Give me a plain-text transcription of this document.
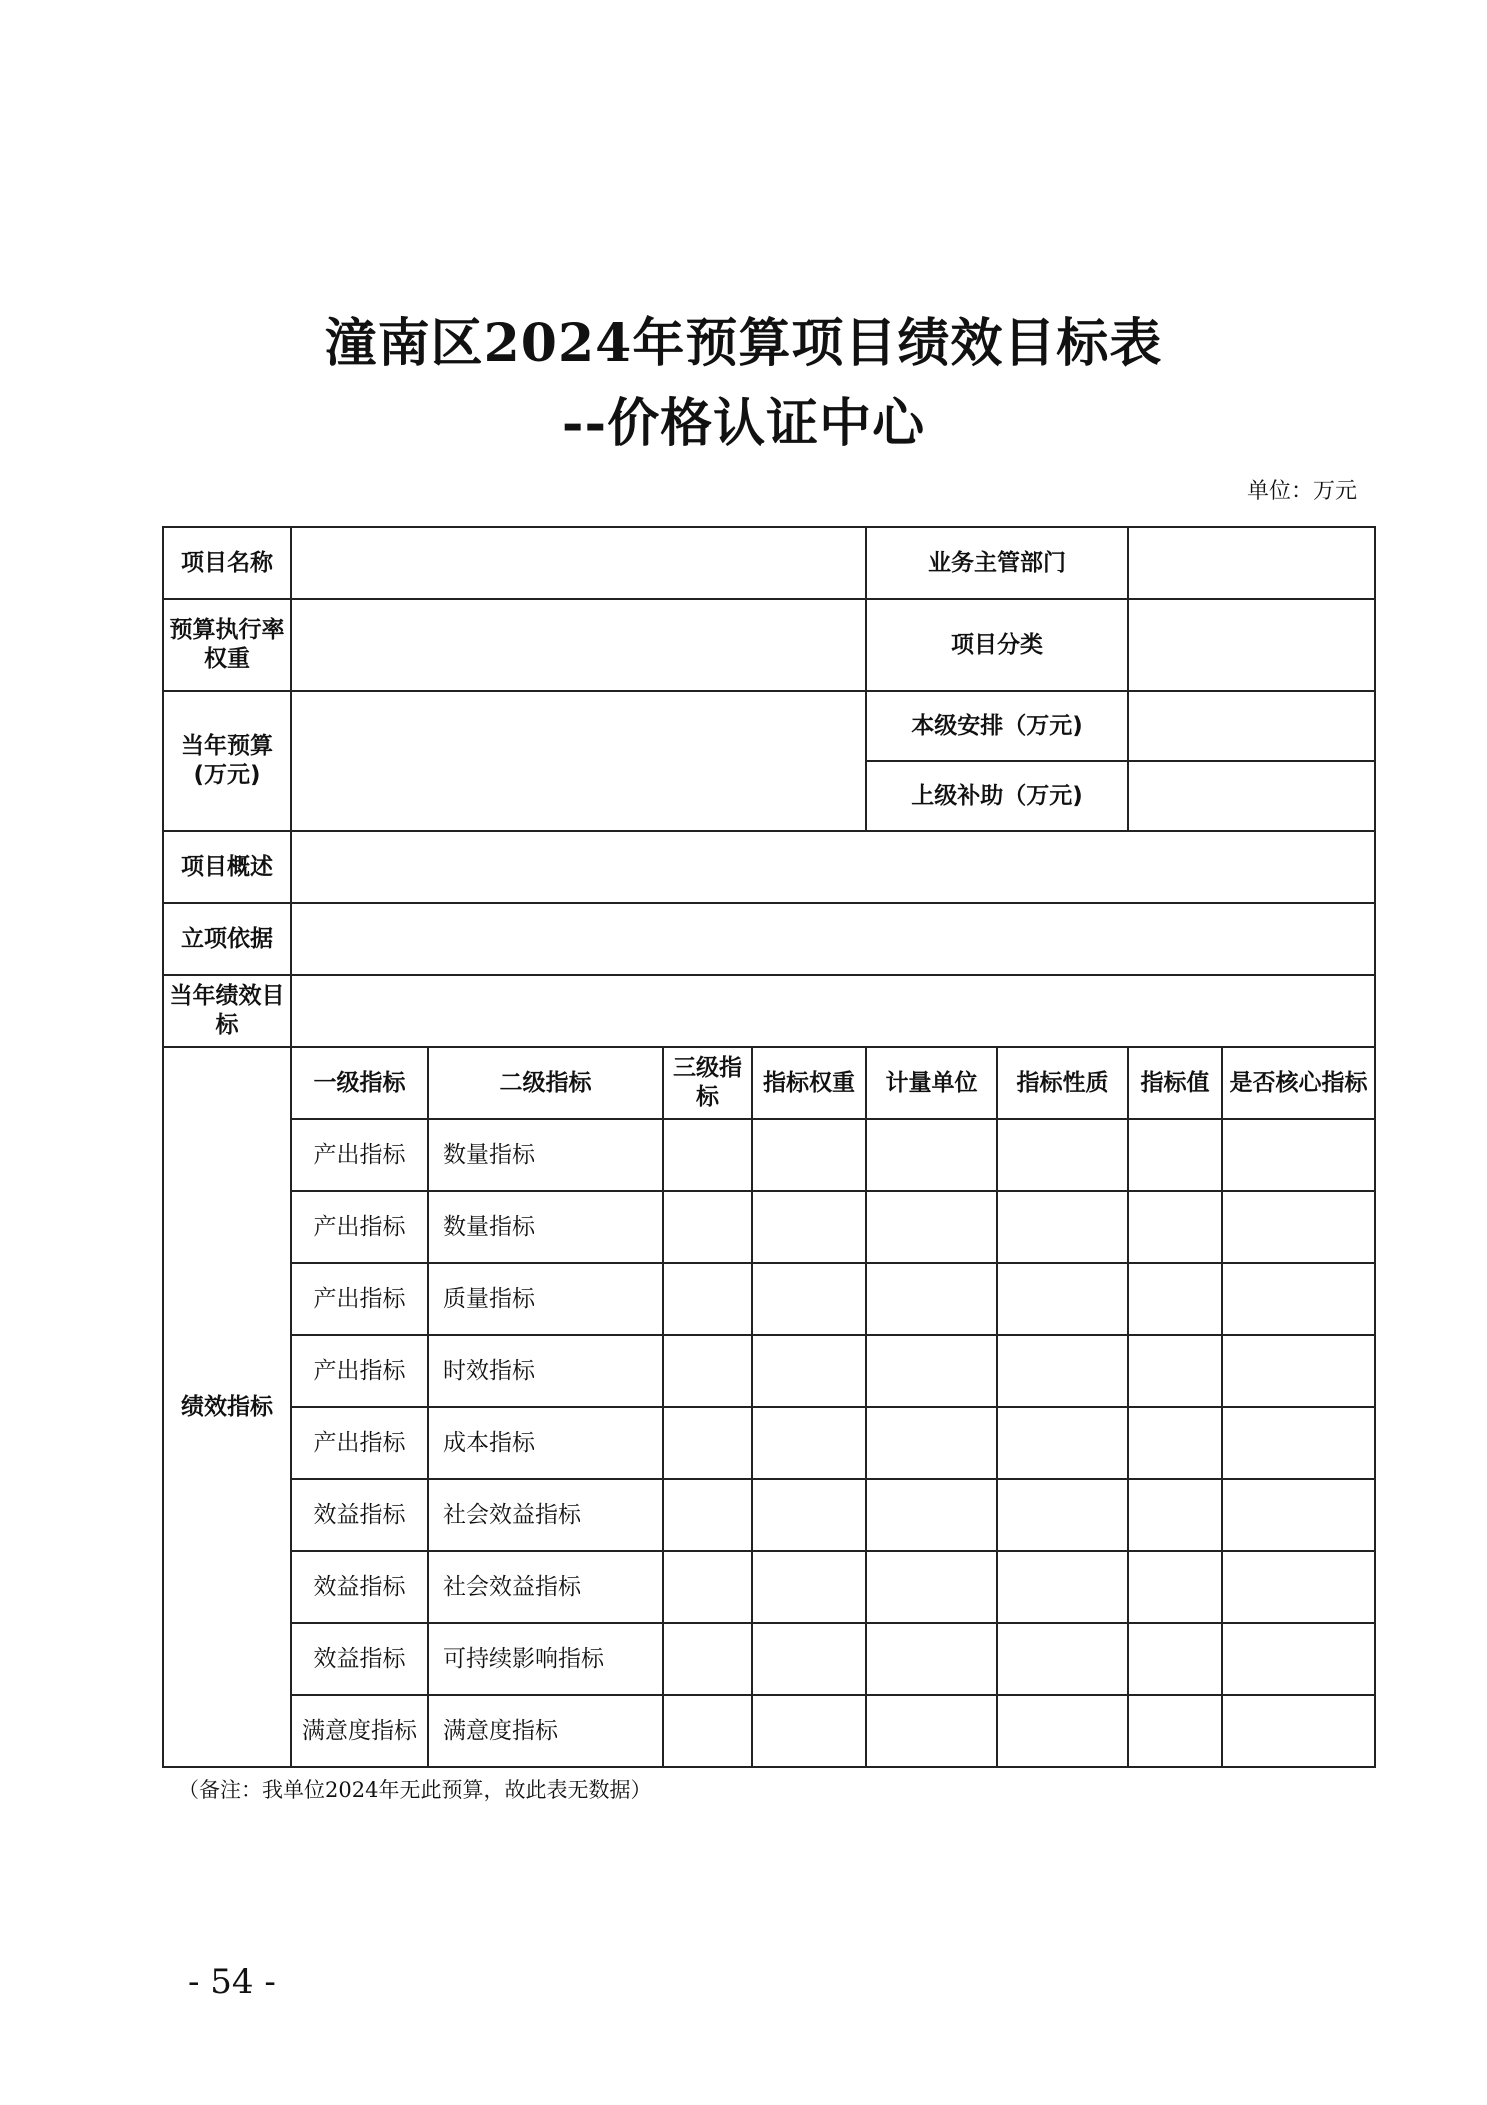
潼南区2024年预算项目绩效目标表
--价格认证中心
单位：万元
项目名称					业务主管部门			
预算执行率权重					项目分类			
当年预算(万元)					本级安排（万元)			
					上级补助（万元)			
项目概述								
立项依据								
当年绩效目标								
绩效指标	一级指标	二级指标	三级指标	指标权重	计量单位	指标性质	指标值	是否核心指标
	产出指标	数量指标						
	产出指标	数量指标						
	产出指标	质量指标						
	产出指标	时效指标						
	产出指标	成本指标						
	效益指标	社会效益指标						
	效益指标	社会效益指标						
	效益指标	可持续影响指标						
	满意度指标	满意度指标						
（备注：我单位2024年无此预算，故此表无数据）
- 54 -
